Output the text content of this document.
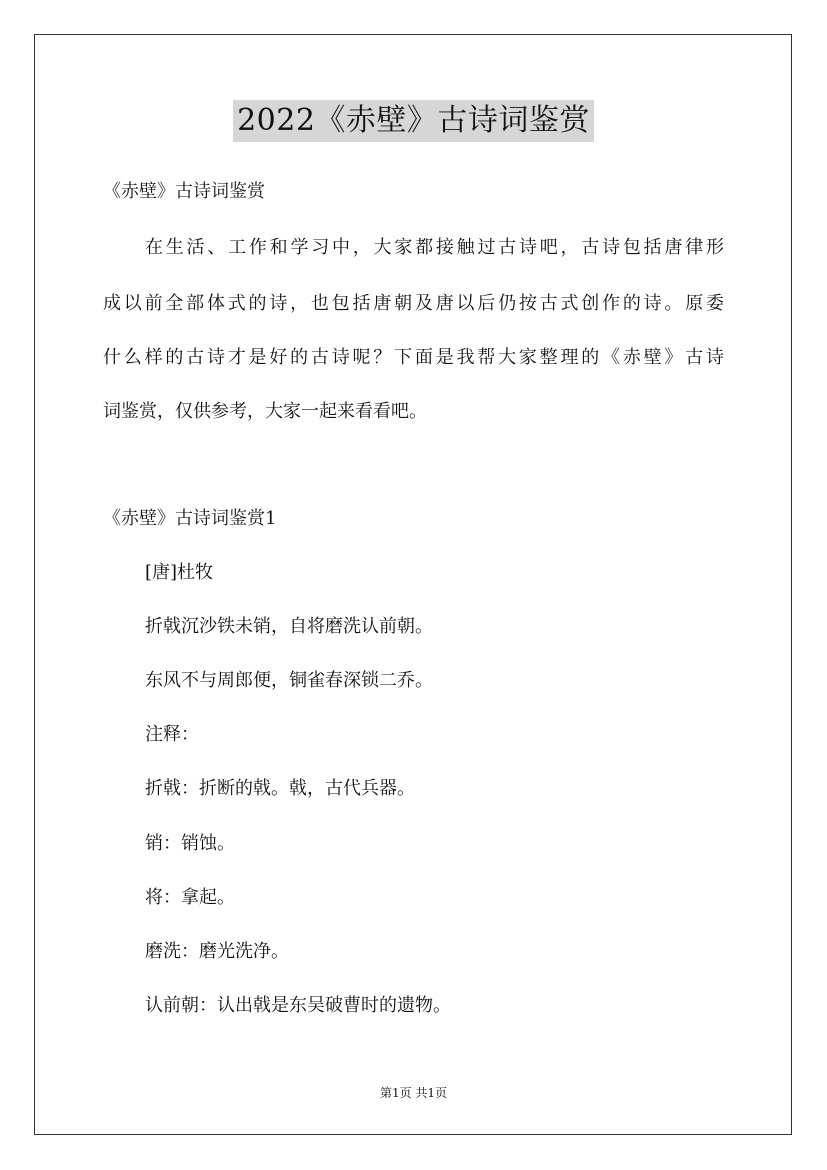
2022《赤壁》古诗词鉴赏

《赤壁》古诗词鉴赏

在生活、工作和学习中，大家都接触过古诗吧，古诗包括唐律形

成以前全部体式的诗，也包括唐朝及唐以后仍按古式创作的诗。原委

什么样的古诗才是好的古诗呢？下面是我帮大家整理的《赤壁》古诗

词鉴赏，仅供参考，大家一起来看看吧。

《赤壁》古诗词鉴赏1

[唐]杜牧

折戟沉沙铁未销，自将磨洗认前朝。

东风不与周郎便，铜雀春深锁二乔。

注释：

折戟：折断的戟。戟，古代兵器。

销：销蚀。

将：拿起。

磨洗：磨光洗净。

认前朝：认出戟是东吴破曹时的遗物。

第1页 共1页
